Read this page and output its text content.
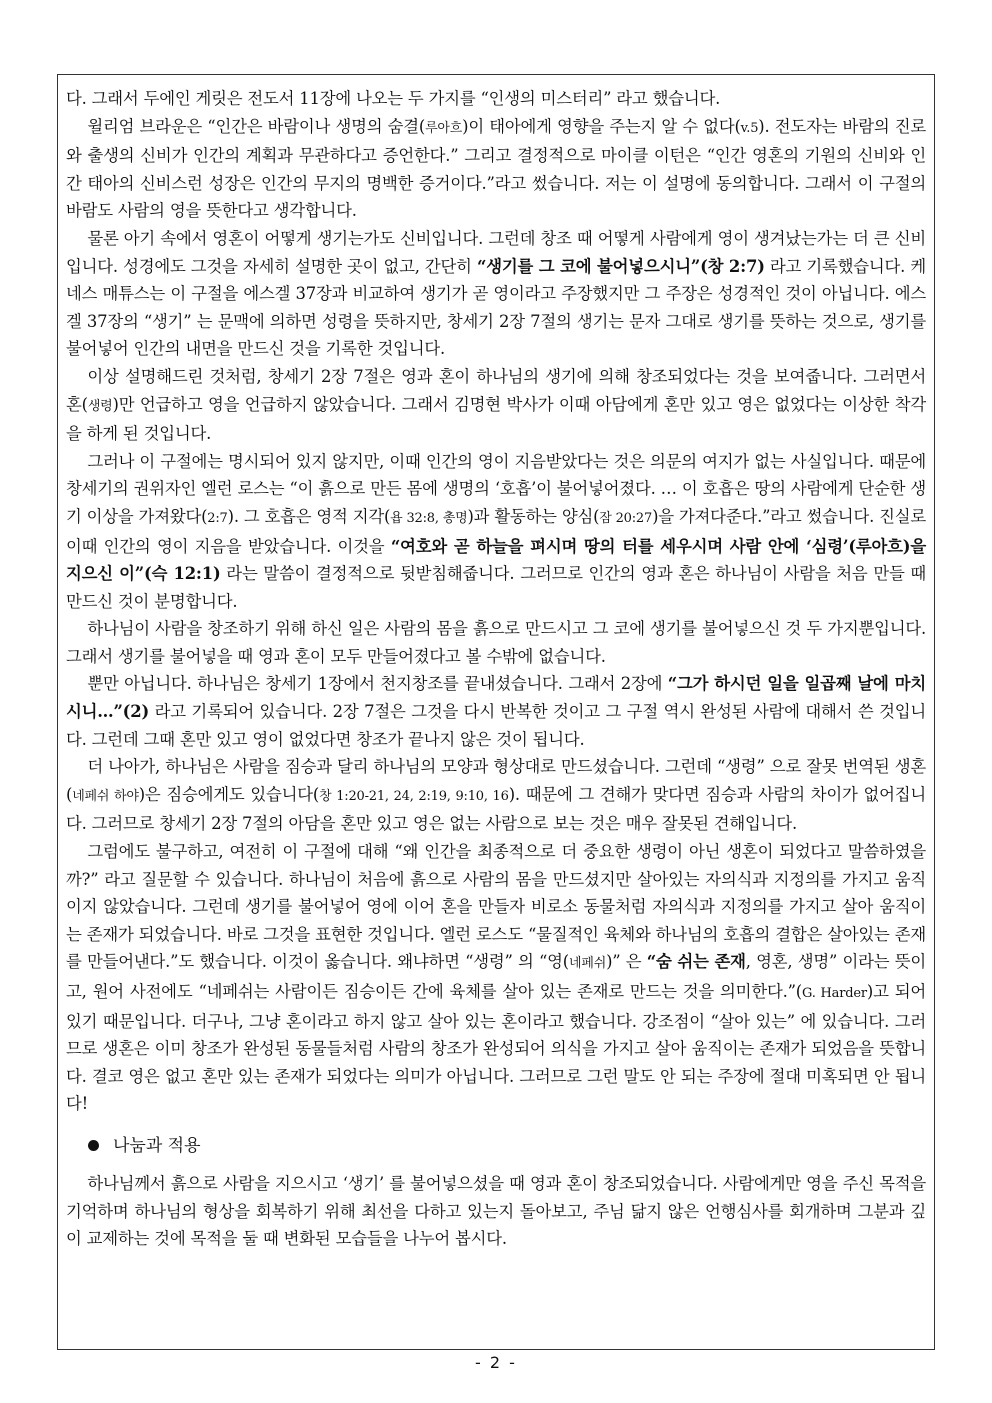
다. 그래서 두에인 게릿은 전도서 11장에 나오는 두 가지를 “인생의 미스터리” 라고 했습니다.

윌리엄 브라운은 “인간은 바람이나 생명의 숨결(루아흐)이 태아에게 영향을 주는지 알 수 없다(v.5). 전도자는 바람의 진로와 출생의 신비가 인간의 계획과 무관하다고 증언한다.” 그리고 결정적으로 마이클 이턴은 “인간 영혼의 기원의 신비와 인간 태아의 신비스런 성장은 인간의 무지의 명백한 증거이다.”라고 썼습니다. 저는 이 설명에 동의합니다. 그래서 이 구절의 바람도 사람의 영을 뜻한다고 생각합니다.

물론 아기 속에서 영혼이 어떻게 생기는가도 신비입니다. 그런데 창조 때 어떻게 사람에게 영이 생겨났는가는 더 큰 신비입니다. 성경에도 그것을 자세히 설명한 곳이 없고, 간단히 “생기를 그 코에 불어넣으시니”(창 2:7) 라고 기록했습니다. 케네스 매튜스는 이 구절을 에스겔 37장과 비교하여 생기가 곧 영이라고 주장했지만 그 주장은 성경적인 것이 아닙니다. 에스겔 37장의 “생기” 는 문맥에 의하면 성령을 뜻하지만, 창세기 2장 7절의 생기는 문자 그대로 생기를 뜻하는 것으로, 생기를 불어넣어 인간의 내면을 만드신 것을 기록한 것입니다.

이상 설명해드린 것처럼, 창세기 2장 7절은 영과 혼이 하나님의 생기에 의해 창조되었다는 것을 보여줍니다. 그러면서 혼(생령)만 언급하고 영을 언급하지 않았습니다. 그래서 김명현 박사가 이때 아담에게 혼만 있고 영은 없었다는 이상한 착각을 하게 된 것입니다.

그러나 이 구절에는 명시되어 있지 않지만, 이때 인간의 영이 지음받았다는 것은 의문의 여지가 없는 사실입니다. 때문에 창세기의 권위자인 엘런 로스는 “이 흙으로 만든 몸에 생명의 ‘호흡’이 불어넣어졌다. … 이 호흡은 땅의 사람에게 단순한 생기 이상을 가져왔다(2:7). 그 호흡은 영적 지각(욥 32:8, 총명)과 활동하는 양심(잠 20:27)을 가져다준다.”라고 썼습니다. 진실로 이때 인간의 영이 지음을 받았습니다. 이것을 “여호와 곧 하늘을 펴시며 땅의 터를 세우시며 사람 안에 ‘심령’(루아흐)을 지으신 이”(슥 12:1) 라는 말씀이 결정적으로 뒷받침해줍니다. 그러므로 인간의 영과 혼은 하나님이 사람을 처음 만들 때 만드신 것이 분명합니다.

하나님이 사람을 창조하기 위해 하신 일은 사람의 몸을 흙으로 만드시고 그 코에 생기를 불어넣으신 것 두 가지뿐입니다. 그래서 생기를 불어넣을 때 영과 혼이 모두 만들어졌다고 볼 수밖에 없습니다.

뿐만 아닙니다. 하나님은 창세기 1장에서 천지창조를 끝내셨습니다. 그래서 2장에 “그가 하시던 일을 일곱째 날에 마치시니…”(2) 라고 기록되어 있습니다. 2장 7절은 그것을 다시 반복한 것이고 그 구절 역시 완성된 사람에 대해서 쓴 것입니다. 그런데 그때 혼만 있고 영이 없었다면 창조가 끝나지 않은 것이 됩니다.

더 나아가, 하나님은 사람을 짐승과 달리 하나님의 모양과 형상대로 만드셨습니다. 그런데 “생령” 으로 잘못 번역된 생혼(네페쉬 하야)은 짐승에게도 있습니다(창 1:20-21, 24, 2:19, 9:10, 16). 때문에 그 견해가 맞다면 짐승과 사람의 차이가 없어집니다. 그러므로 창세기 2장 7절의 아담을 혼만 있고 영은 없는 사람으로 보는 것은 매우 잘못된 견해입니다.

그럼에도 불구하고, 여전히 이 구절에 대해 “왜 인간을 최종적으로 더 중요한 생령이 아닌 생혼이 되었다고 말씀하였을까?” 라고 질문할 수 있습니다. 하나님이 처음에 흙으로 사람의 몸을 만드셨지만 살아있는 자의식과 지정의를 가지고 움직이지 않았습니다. 그런데 생기를 불어넣어 영에 이어 혼을 만들자 비로소 동물처럼 자의식과 지정의를 가지고 살아 움직이는 존재가 되었습니다. 바로 그것을 표현한 것입니다. 엘런 로스도 “물질적인 육체와 하나님의 호흡의 결합은 살아있는 존재를 만들어낸다.”도 했습니다. 이것이 옳습니다. 왜냐하면 “생령” 의 “영(네페쉬)” 은 “숨 쉬는 존재, 영혼, 생명” 이라는 뜻이고, 원어 사전에도 “네페쉬는 사람이든 짐승이든 간에 육체를 살아 있는 존재로 만드는 것을 의미한다.”(G. Harder)고 되어 있기 때문입니다. 더구나, 그냥 혼이라고 하지 않고 살아 있는 혼이라고 했습니다. 강조점이 “살아 있는” 에 있습니다. 그러므로 생혼은 이미 창조가 완성된 동물들처럼 사람의 창조가 완성되어 의식을 가지고 살아 움직이는 존재가 되었음을 뜻합니다. 결코 영은 없고 혼만 있는 존재가 되었다는 의미가 아닙니다. 그러므로 그런 말도 안 되는 주장에 절대 미혹되면 안 됩니다!

나눔과 적용

하나님께서 흙으로 사람을 지으시고 ‘생기’ 를 불어넣으셨을 때 영과 혼이 창조되었습니다. 사람에게만 영을 주신 목적을 기억하며 하나님의 형상을 회복하기 위해 최선을 다하고 있는지 돌아보고, 주님 닮지 않은 언행심사를 회개하며 그분과 깊이 교제하는 것에 목적을 둘 때 변화된 모습들을 나누어 봅시다.

- 2 -
